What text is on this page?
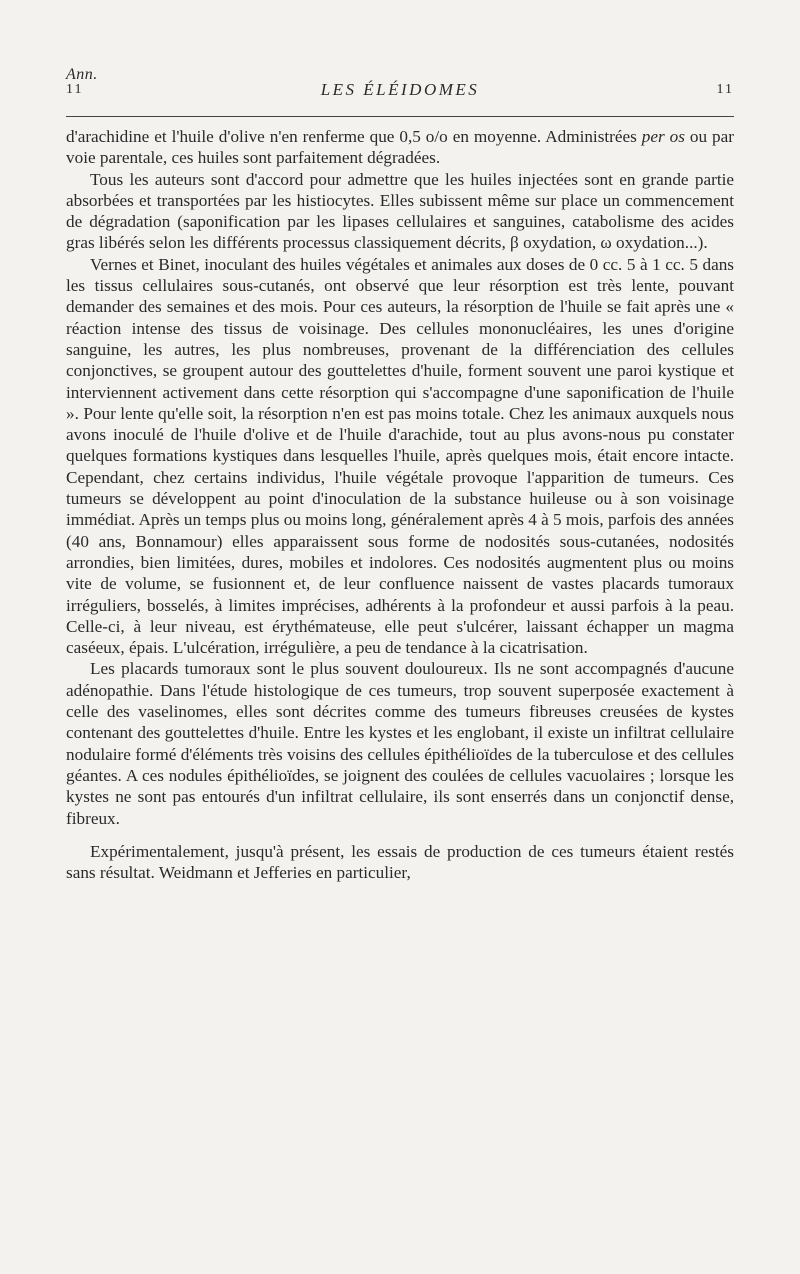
Ann.
11	LES ÉLÉIDOMES	11

d'arachidine et l'huile d'olive n'en renferme que 0,5 o/o en moyenne. Administrées per os ou par voie parentale, ces huiles sont parfaitement dégradées.

Tous les auteurs sont d'accord pour admettre que les huiles injectées sont en grande partie absorbées et transportées par les histiocytes. Elles subissent même sur place un commencement de dégradation (saponification par les lipases cellulaires et sanguines, catabolisme des acides gras libérés selon les différents processus classiquement décrits, β oxydation, ω oxydation...).

Vernes et Binet, inoculant des huiles végétales et animales aux doses de 0 cc. 5 à 1 cc. 5 dans les tissus cellulaires sous-cutanés, ont observé que leur résorption est très lente, pouvant demander des semaines et des mois. Pour ces auteurs, la résorption de l'huile se fait après une « réaction intense des tissus de voisinage. Des cellules mononucléaires, les unes d'origine sanguine, les autres, les plus nombreuses, provenant de la différenciation des cellules conjonctives, se groupent autour des gouttelettes d'huile, forment souvent une paroi kystique et interviennent activement dans cette résorption qui s'accompagne d'une saponification de l'huile ». Pour lente qu'elle soit, la résorption n'en est pas moins totale. Chez les animaux auxquels nous avons inoculé de l'huile d'olive et de l'huile d'arachide, tout au plus avons-nous pu constater quelques formations kystiques dans lesquelles l'huile, après quelques mois, était encore intacte. Cependant, chez certains individus, l'huile végétale provoque l'apparition de tumeurs. Ces tumeurs se développent au point d'inoculation de la substance huileuse ou à son voisinage immédiat. Après un temps plus ou moins long, généralement après 4 à 5 mois, parfois des années (40 ans, Bonnamour) elles apparaissent sous forme de nodosités sous-cutanées, nodosités arrondies, bien limitées, dures, mobiles et indolores. Ces nodosités augmentent plus ou moins vite de volume, se fusionnent et, de leur confluence naissent de vastes placards tumoraux irréguliers, bosselés, à limites imprécises, adhérents à la profondeur et aussi parfois à la peau. Celle-ci, à leur niveau, est érythémateuse, elle peut s'ulcérer, laissant échapper un magma caséeux, épais. L'ulcération, irrégulière, a peu de tendance à la cicatrisation.

Les placards tumoraux sont le plus souvent douloureux. Ils ne sont accompagnés d'aucune adénopathie. Dans l'étude histologique de ces tumeurs, trop souvent superposée exactement à celle des vaselinomes, elles sont décrites comme des tumeurs fibreuses creusées de kystes contenant des gouttelettes d'huile. Entre les kystes et les englobant, il existe un infiltrat cellulaire nodulaire formé d'éléments très voisins des cellules épithélioïdes de la tuberculose et des cellules géantes. A ces nodules épithélioïdes, se joignent des coulées de cellules vacuolaires ; lorsque les kystes ne sont pas entourés d'un infiltrat cellulaire, ils sont enserrés dans un conjonctif dense, fibreux.

Expérimentalement, jusqu'à présent, les essais de production de ces tumeurs étaient restés sans résultat. Weidmann et Jefferies en particulier,
